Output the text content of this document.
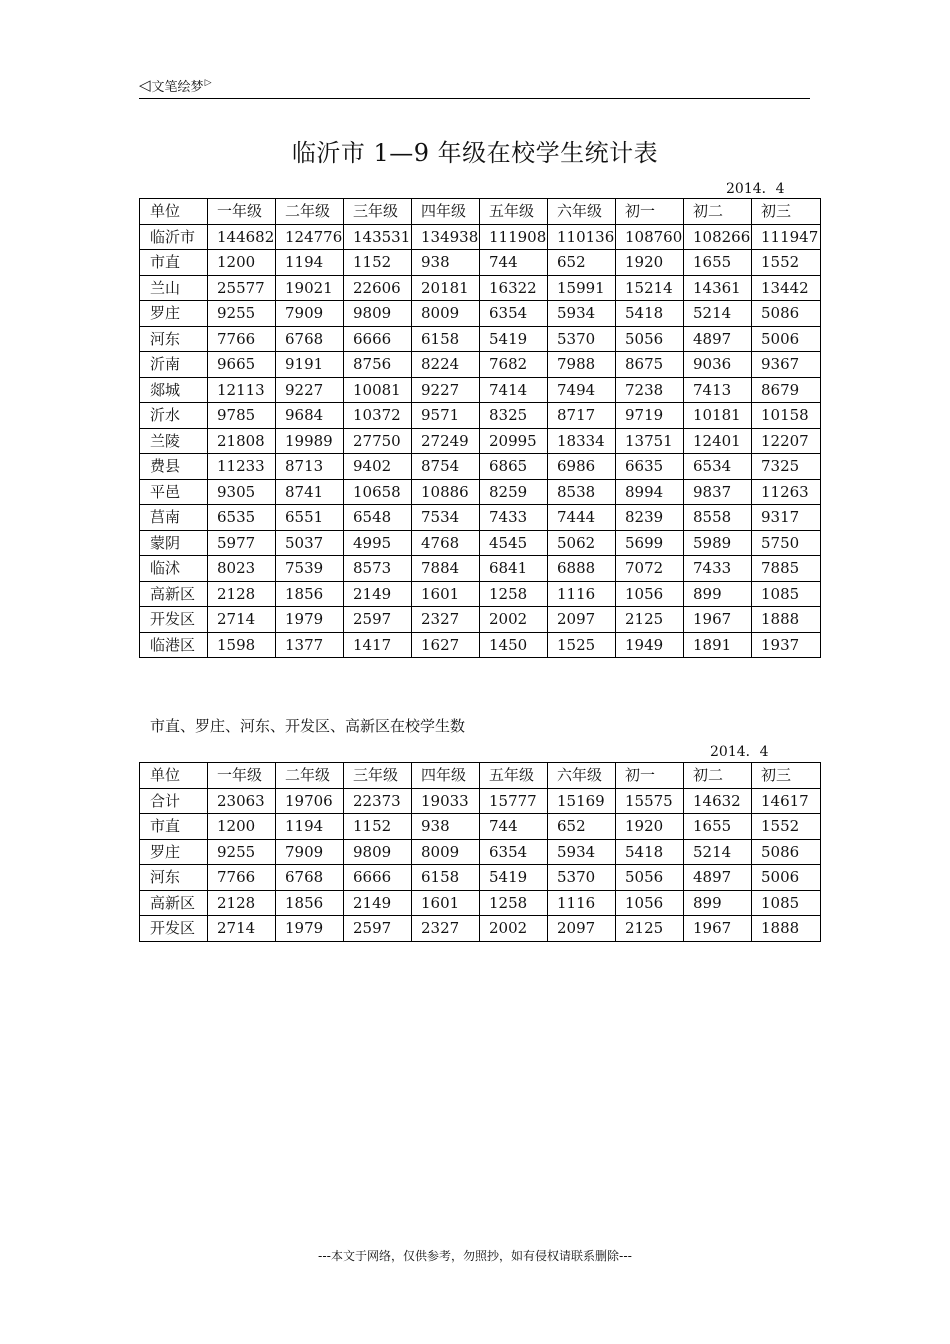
◁ 文笔绘梦 ▷
临沂市 1—9 年级在校学生统计表
2014．4
单位	一年级	二年级	三年级	四年级	五年级	六年级	初一	初二	初三
临沂市	144682	124776	143531	134938	111908	110136	108760	108266	111947
市直	1200	1194	1152	938	744	652	1920	1655	1552
兰山	25577	19021	22606	20181	16322	15991	15214	14361	13442
罗庄	9255	7909	9809	8009	6354	5934	5418	5214	5086
河东	7766	6768	6666	6158	5419	5370	5056	4897	5006
沂南	9665	9191	8756	8224	7682	7988	8675	9036	9367
郯城	12113	9227	10081	9227	7414	7494	7238	7413	8679
沂水	9785	9684	10372	9571	8325	8717	9719	10181	10158
兰陵	21808	19989	27750	27249	20995	18334	13751	12401	12207
费县	11233	8713	9402	8754	6865	6986	6635	6534	7325
平邑	9305	8741	10658	10886	8259	8538	8994	9837	11263
莒南	6535	6551	6548	7534	7433	7444	8239	8558	9317
蒙阴	5977	5037	4995	4768	4545	5062	5699	5989	5750
临沭	8023	7539	8573	7884	6841	6888	7072	7433	7885
高新区	2128	1856	2149	1601	1258	1116	1056	899	1085
开发区	2714	1979	2597	2327	2002	2097	2125	1967	1888
临港区	1598	1377	1417	1627	1450	1525	1949	1891	1937
市直、罗庄、河东、开发区、高新区在校学生数
2014．4
单位	一年级	二年级	三年级	四年级	五年级	六年级	初一	初二	初三
合计	23063	19706	22373	19033	15777	15169	15575	14632	14617
市直	1200	1194	1152	938	744	652	1920	1655	1552
罗庄	9255	7909	9809	8009	6354	5934	5418	5214	5086
河东	7766	6768	6666	6158	5419	5370	5056	4897	5006
高新区	2128	1856	2149	1601	1258	1116	1056	899	1085
开发区	2714	1979	2597	2327	2002	2097	2125	1967	1888
---本文于网络，仅供参考，勿照抄，如有侵权请联系删除---
